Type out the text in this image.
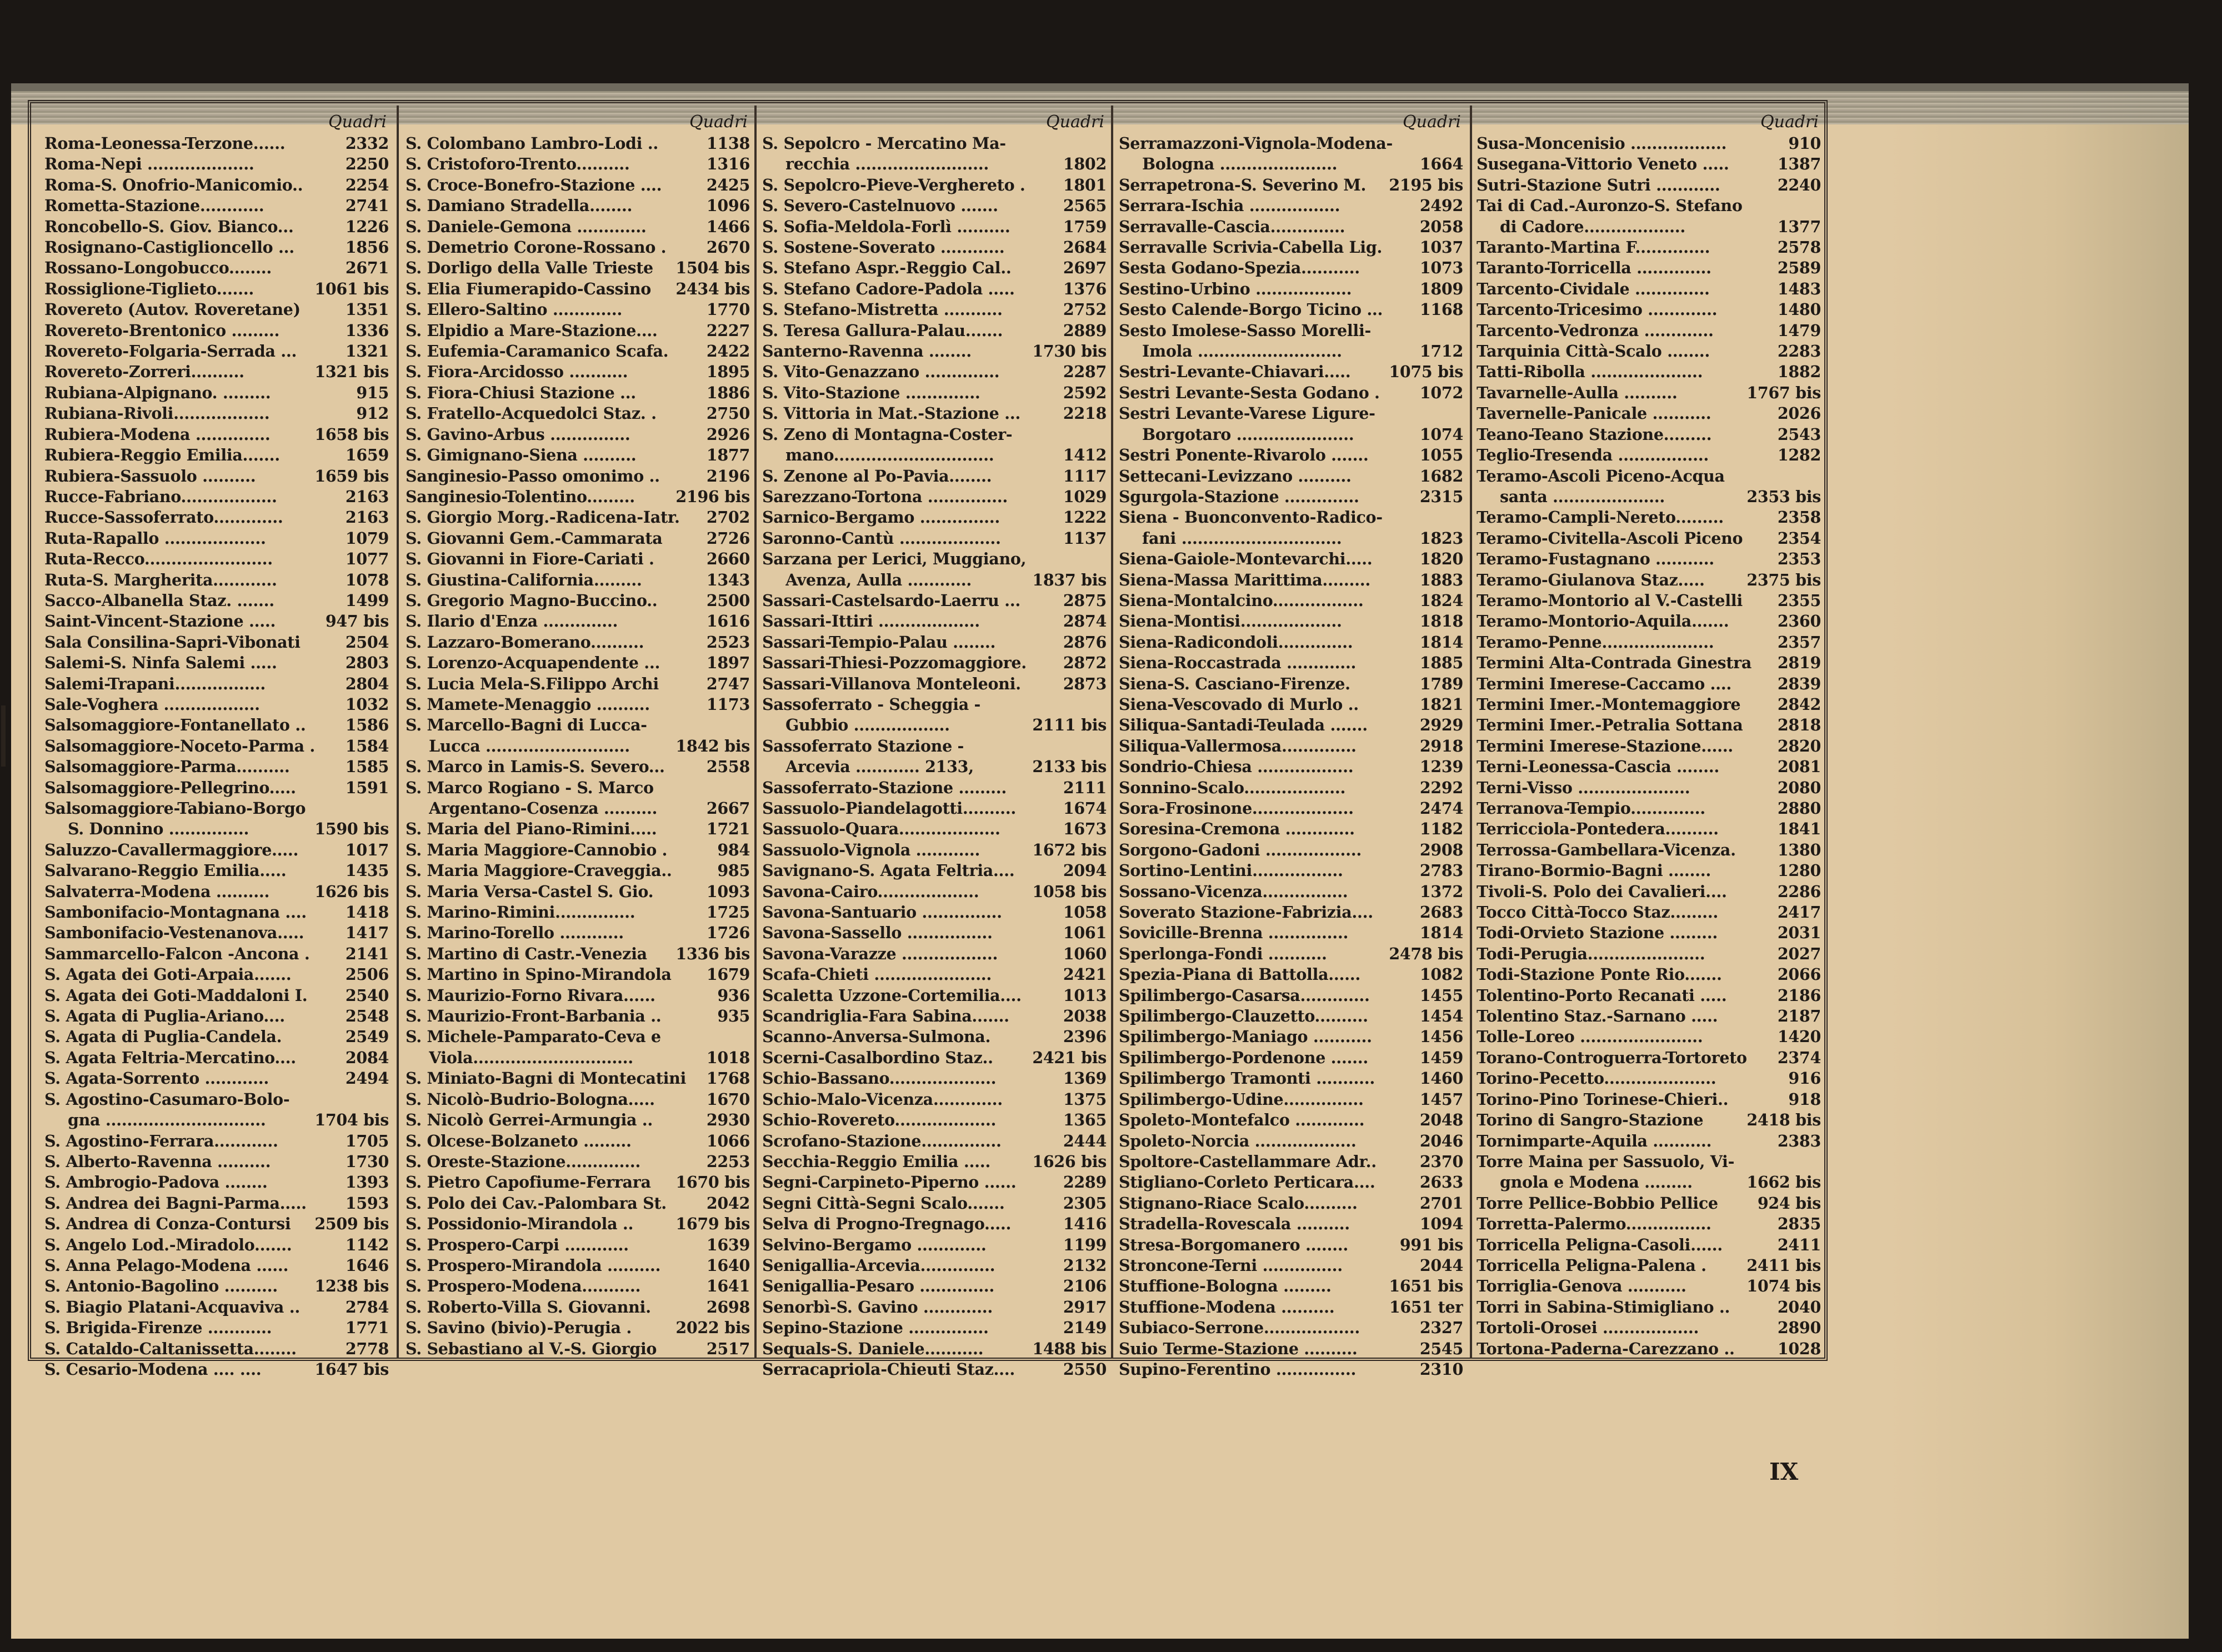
Quadri
Roma-Leonessa-Terzone......	2332
Roma-Nepi ....................	2250
Roma-S. Onofrio-Manicomio..	2254
Rometta-Stazione............	2741
Roncobello-S. Giov. Bianco...	1226
Rosignano-Castiglioncello ...	1856
Rossano-Longobucco........	2671
Rossiglione-Tiglieto.......	1061 bis
Rovereto (Autov. Roveretane)	1351
Rovereto-Brentonico .........	1336
Rovereto-Folgaria-Serrada ...	1321
Rovereto-Zorreri..........	1321 bis
Rubiana-Alpignano. .........	915
Rubiana-Rivoli..................	912
Rubiera-Modena ..............	1658 bis
Rubiera-Reggio Emilia.......	1659
Rubiera-Sassuolo ..........	1659 bis
Rucce-Fabriano..................	2163
Rucce-Sassoferrato.............	2163
Ruta-Rapallo ...................	1079
Ruta-Recco........................	1077
Ruta-S. Margherita............	1078
Sacco-Albanella Staz. .......	1499
Saint-Vincent-Stazione .....	947 bis
Sala Consilina-Sapri-Vibonati	2504
Salemi-S. Ninfa Salemi .....	2803
Salemi-Trapani.................	2804
Sale-Voghera ..................	1032
Salsomaggiore-Fontanellato ..	1586
Salsomaggiore-Noceto-Parma . 1584
Salsomaggiore-Parma..........	1585
Salsomaggiore-Pellegrino.....	1591
Salsomaggiore-Tabiano-Borgo
S. Donnino ...............	1590 bis
Saluzzo-Cavallermaggiore.....	1017
Salvarano-Reggio Emilia.....	1435
Salvaterra-Modena ..........	1626 bis
Sambonifacio-Montagnana .... 1418
Sambonifacio-Vestenanova.....	1417
Sammarcello-Falcon -Ancona . 2141
S. Agata dei Goti-Arpaia.......	2506
S. Agata dei Goti-Maddaloni I. 2540
S. Agata di Puglia-Ariano....	2548
S. Agata di Puglia-Candela.	2549
S. Agata Feltria-Mercatino....	2084
S. Agata-Sorrento ............	2494
S. Agostino-Casumaro-Bolo-
gna ..............................	1704 bis
S. Agostino-Ferrara............	1705
S. Alberto-Ravenna ..........	1730
S. Ambrogio-Padova ........	1393
S. Andrea dei Bagni-Parma..... 1593
S. Andrea di Conza-Contursi 2509 bis
S. Angelo Lod.-Miradolo.......	1142
S. Anna Pelago-Modena ......	1646
S. Antonio-Bagolino .......... 1238 bis
S. Biagio Platani-Acquaviva ..	2784
S. Brigida-Firenze ............	1771
S. Cataldo-Caltanissetta........	2778
S. Cesario-Modena .... ....	1647 bis
Quadri
S. Colombano Lambro-Lodi ..	1138
S. Cristoforo-Trento..........	1316
S. Croce-Bonefro-Stazione ....	2425
S. Damiano Stradella........	1096
S. Daniele-Gemona .............	1466
S. Demetrio Corone-Rossano .	2670
S. Dorligo della Valle Trieste 1504 bis
S. Elia Fiumerapido-Cassino 2434 bis
S. Ellero-Saltino .............	1770
S. Elpidio a Mare-Stazione....	2227
S. Eufemia-Caramanico Scafa. 2422
S. Fiora-Arcidosso ...........	1895
S. Fiora-Chiusi Stazione ...	1886
S. Fratello-Acquedolci Staz. .	2750
S. Gavino-Arbus ...............	2926
S. Gimignano-Siena ..........	1877
Sanginesio-Passo omonimo ..	2196
Sanginesio-Tolentino.........	2196 bis
S. Giorgio Morg.-Radicena-Iatr. 2702
S. Giovanni Gem.-Cammarata	2726
S. Giovanni in Fiore-Cariati .	2660
S. Giustina-California.........	1343
S. Gregorio Magno-Buccino..	2500
S. Ilario d'Enza ..............	1616
S. Lazzaro-Bomerano..........	2523
S. Lorenzo-Acquapendente ...	1897
S. Lucia Mela-S.Filippo Archi	2747
S. Mamete-Menaggio ..........	1173
S. Marcello-Bagni di Lucca-
Lucca ...........................	1842 bis
S. Marco in Lamis-S. Severo...	2558
S. Marco Rogiano - S. Marco
Argentano-Cosenza ..........	2667
S. Maria del Piano-Rimini.....	1721
S. Maria Maggiore-Cannobio .	984
S. Maria Maggiore-Craveggia..	985
S. Maria Versa-Castel S. Gio.	1093
S. Marino-Rimini...............	1725
S. Marino-Torello ............	1726
S. Martino di Castr.-Venezia 1336 bis
S. Martino in Spino-Mirandola 1679
S. Maurizio-Forno Rivara......	936
S. Maurizio-Front-Barbania ..	935
S. Michele-Pamparato-Ceva e
Viola..............................	1018
S. Miniato-Bagni di Montecatini 1768
S. Nicolò-Budrio-Bologna.....	1670
S. Nicolò Gerrei-Armungia ..	2930
S. Olcese-Bolzaneto .........	1066
S. Oreste-Stazione..............	2253
S. Pietro Capofiume-Ferrara 1670 bis
S. Polo dei Cav.-Palombara St.	2042
S. Possidonio-Mirandola ..	1679 bis
S. Prospero-Carpi ............	1639
S. Prospero-Mirandola ..........	1640
S. Prospero-Modena...........	1641
S. Roberto-Villa S. Giovanni.	2698
S. Savino (bivio)-Perugia .	2022 bis
S. Sebastiano al V.-S. Giorgio	2517
Quadri
S. Sepolcro - Mercatino Ma-
recchia .........................	1802
S. Sepolcro-Pieve-Verghereto . 1801
S. Severo-Castelnuovo .......	2565
S. Sofia-Meldola-Forlì ..........	1759
S. Sostene-Soverato ............	2684
S. Stefano Aspr.-Reggio Cal..	2697
S. Stefano Cadore-Padola .....	1376
S. Stefano-Mistretta ...........	2752
S. Teresa Gallura-Palau.......	2889
Santerno-Ravenna ........	1730 bis
S. Vito-Genazzano ..............	2287
S. Vito-Stazione ..............	2592
S. Vittoria in Mat.-Stazione ...	2218
S. Zeno di Montagna-Coster-
mano..............................	1412
S. Zenone al Po-Pavia........	1117
Sarezzano-Tortona ...............	1029
Sarnico-Bergamo ...............	1222
Saronno-Cantù ...................	1137
Sarzana per Lerici, Muggiano,
Avenza, Aulla ............	1837 bis
Sassari-Castelsardo-Laerru ...	2875
Sassari-Ittiri ...................	2874
Sassari-Tempio-Palau ........	2876
Sassari-Thiesi-Pozzomaggiore. 2872
Sassari-Villanova Monteleoni.	2873
Sassoferrato - Scheggia -
Gubbio ..................	2111 bis
Sassoferrato Stazione -
Arcevia ............ 2133,	2133 bis
Sassoferrato-Stazione .........	2111
Sassuolo-Piandelagotti..........	1674
Sassuolo-Quara...................	1673
Sassuolo-Vignola ............	1672 bis
Savignano-S. Agata Feltria....	2094
Savona-Cairo...................	1058 bis
Savona-Santuario ...............	1058
Savona-Sassello ................	1061
Savona-Varazze ..................	1060
Scafa-Chieti ......................	2421
Scaletta Uzzone-Cortemilia....	1013
Scandriglia-Fara Sabina.......	2038
Scanno-Anversa-Sulmona.	2396
Scerni-Casalbordino Staz.. 2421 bis
Schio-Bassano....................	1369
Schio-Malo-Vicenza.............	1375
Schio-Rovereto...................	1365
Scrofano-Stazione...............	2444
Secchia-Reggio Emilia .....	1626 bis
Segni-Carpineto-Piperno ......	2289
Segni Città-Segni Scalo.......	2305
Selva di Progno-Tregnago.....	1416
Selvino-Bergamo .............	1199
Senigallia-Arcevia..............	2132
Senigallia-Pesaro ..............	2106
Senorbì-S. Gavino .............	2917
Sepino-Stazione ...............	2149
Sequals-S. Daniele...........	1488 bis
Serracapriola-Chieuti Staz....	2550
Quadri
Serramazzoni-Vignola-Modena-
Bologna ......................	1664
Serrapetrona-S. Severino M. 2195 bis
Serrara-Ischia .................	2492
Serravalle-Cascia..............	2058
Serravalle Scrivia-Cabella Lig. 1037
Sesta Godano-Spezia...........	1073
Sestino-Urbino ..................	1809
Sesto Calende-Borgo Ticino ... 1168
Sesto Imolese-Sasso Morelli-
Imola ...........................	1712
Sestri-Levante-Chiavari..... 1075 bis
Sestri Levante-Sesta Godano .	1072
Sestri Levante-Varese Ligure-
Borgotaro ......................	1074
Sestri Ponente-Rivarolo .......	1055
Settecani-Levizzano ..........	1682
Sgurgola-Stazione ..............	2315
Siena - Buonconvento-Radico-
fani ..............................	1823
Siena-Gaiole-Montevarchi.....	1820
Siena-Massa Marittima.........	1883
Siena-Montalcino.................	1824
Siena-Montisi...................	1818
Siena-Radicondoli..............	1814
Siena-Roccastrada .............	1885
Siena-S. Casciano-Firenze.	1789
Siena-Vescovado di Murlo ..	1821
Siliqua-Santadi-Teulada .......	2929
Siliqua-Vallermosa..............	2918
Sondrio-Chiesa ..................	1239
Sonnino-Scalo...................	2292
Sora-Frosinone...................	2474
Soresina-Cremona .............	1182
Sorgono-Gadoni ..................	2908
Sortino-Lentini.................	2783
Sossano-Vicenza................	1372
Soverato Stazione-Fabrizia....	2683
Sovicille-Brenna ...............	1814
Sperlonga-Fondi ...........	2478 bis
Spezia-Piana di Battolla......	1082
Spilimbergo-Casarsa.............	1455
Spilimbergo-Clauzetto..........	1454
Spilimbergo-Maniago ...........	1456
Spilimbergo-Pordenone .......	1459
Spilimbergo Tramonti ...........	1460
Spilimbergo-Udine...............	1457
Spoleto-Montefalco .............	2048
Spoleto-Norcia ...................	2046
Spoltore-Castellammare Adr..	2370
Stigliano-Corleto Perticara....	2633
Stignano-Riace Scalo..........	2701
Stradella-Rovescala ..........	1094
Stresa-Borgomanero ........	991 bis
Stroncone-Terni ...............	2044
Stuffione-Bologna .........	1651 bis
Stuffione-Modena ..........	1651 ter
Subiaco-Serrone..................	2327
Suio Terme-Stazione ..........	2545
Supino-Ferentino ...............	2310
Quadri
Susa-Moncenisio ..................	910
Susegana-Vittorio Veneto .....	1387
Sutri-Stazione Sutri ............	2240
Tai di Cad.-Auronzo-S. Stefano
di Cadore...................	1377
Taranto-Martina F..............	2578
Taranto-Torricella ..............	2589
Tarcento-Cividale ..............	1483
Tarcento-Tricesimo .............	1480
Tarcento-Vedronza .............	1479
Tarquinia Città-Scalo ........	2283
Tatti-Ribolla .....................	1882
Tavarnelle-Aulla ..........	1767 bis
Tavernelle-Panicale ...........	2026
Teano-Teano Stazione.........	2543
Teglio-Tresenda .................	1282
Teramo-Ascoli Piceno-Acqua
santa .....................	2353 bis
Teramo-Campli-Nereto.........	2358
Teramo-Civitella-Ascoli Piceno 2354
Teramo-Fustagnano ...........	2353
Teramo-Giulanova Staz.....	2375 bis
Teramo-Montorio al V.-Castelli 2355
Teramo-Montorio-Aquila.......	2360
Teramo-Penne.....................	2357
Termini Alta-Contrada Ginestra 2819
Termini Imerese-Caccamo ....	2839
Termini Imer.-Montemaggiore 2842
Termini Imer.-Petralia Sottana 2818
Termini Imerese-Stazione......	2820
Terni-Leonessa-Cascia ........	2081
Terni-Visso .....................	2080
Terranova-Tempio..............	2880
Terricciola-Pontedera..........	1841
Terrossa-Gambellara-Vicenza.	1380
Tirano-Bormio-Bagni ........	1280
Tivoli-S. Polo dei Cavalieri....	2286
Tocco Città-Tocco Staz.........	2417
Todi-Orvieto Stazione .........	2031
Todi-Perugia......................	2027
Todi-Stazione Ponte Rio.......	2066
Tolentino-Porto Recanati .....	2186
Tolentino Staz.-Sarnano .....	2187
Tolle-Loreo .......................	1420
Torano-Controguerra-Tortoreto 2374
Torino-Pecetto.....................	916
Torino-Pino Torinese-Chieri..	918
Torino di Sangro-Stazione	2418 bis
Tornimparte-Aquila ...........	2383
Torre Maina per Sassuolo, Vi-
gnola e Modena .........	1662 bis
Torre Pellice-Bobbio Pellice 924 bis
Torretta-Palermo................	2835
Torricella Peligna-Casoli......	2411
Torricella Peligna-Palena .	2411 bis
Torriglia-Genova ...........	1074 bis
Torri in Sabina-Stimigliano ..	2040
Tortoli-Orosei ..................	2890
Tortona-Paderna-Carezzano ..	1028
IX
